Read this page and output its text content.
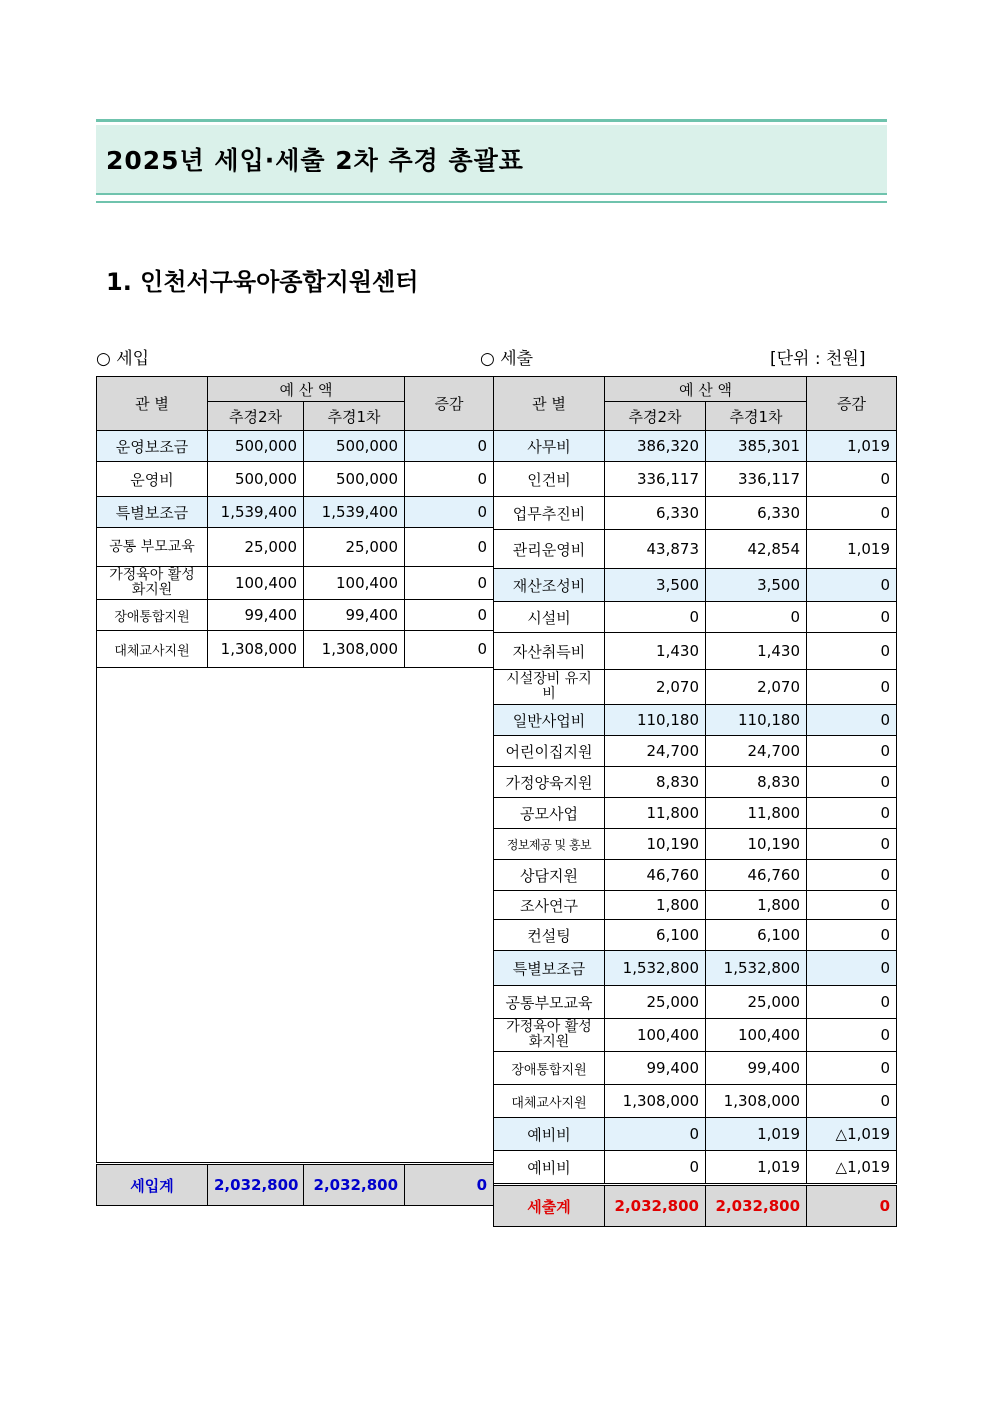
2025년 세입·세출 2차 추경 총괄표
1. 인천서구육아종합지원센터
○ 세입	○ 세출	[단위 : 천원]
관 별	예 산 액		증감
	추경2차	추경1차	
운영보조금	500,000	500,000	0
운영비	500,000	500,000	0
특별보조금	1,539,400	1,539,400	0
공통 부모교육	25,000	25,000	0
가정육아 활성화지원	100,400	100,400	0
장애통합지원	99,400	99,400	0
대체교사지원	1,308,000	1,308,000	0

세입계	2,032,800	2,032,800	0
관 별	예 산 액		증감
	추경2차	추경1차	
사무비	386,320	385,301	1,019
인건비	336,117	336,117	0
업무추진비	6,330	6,330	0
관리운영비	43,873	42,854	1,019
재산조성비	3,500	3,500	0
시설비	0	0	0
자산취득비	1,430	1,430	0
시설장비 유지비	2,070	2,070	0
일반사업비	110,180	110,180	0
어린이집지원	24,700	24,700	0
가정양육지원	8,830	8,830	0
공모사업	11,800	11,800	0
정보제공 및 홍보	10,190	10,190	0
상담지원	46,760	46,760	0
조사연구	1,800	1,800	0
컨설팅	6,100	6,100	0
특별보조금	1,532,800	1,532,800	0
공통부모교육	25,000	25,000	0
가정육아 활성화지원	100,400	100,400	0
장애통합지원	99,400	99,400	0
대체교사지원	1,308,000	1,308,000	0
예비비	0	1,019	△1,019
예비비	0	1,019	△1,019
세출계	2,032,800	2,032,800	0
